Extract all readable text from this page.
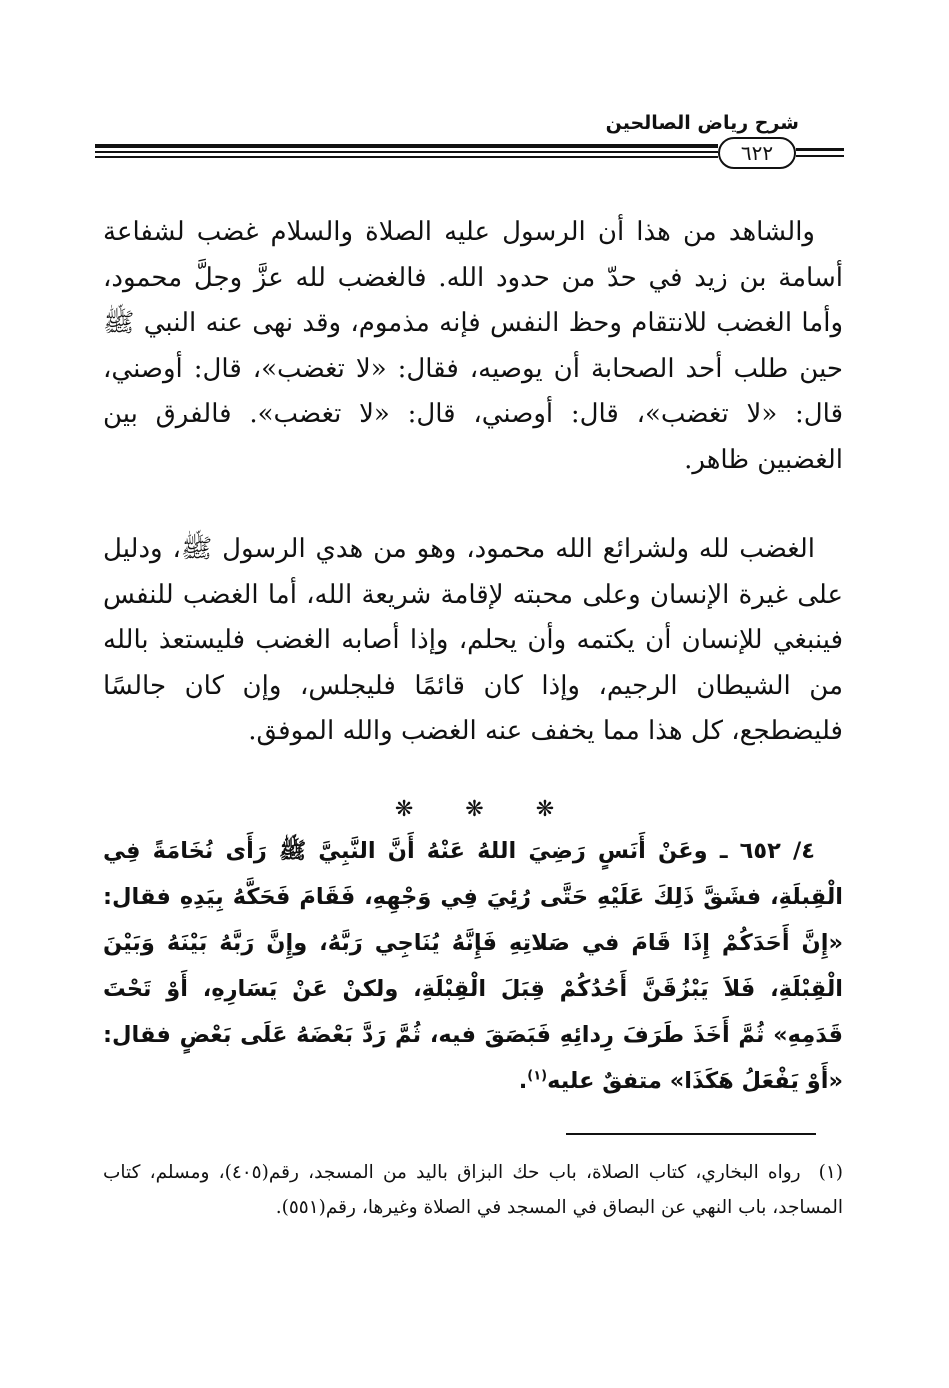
شرح رياض الصالحين
٦٢٢
والشاهد من هذا أن الرسول عليه الصلاة والسلام غضب لشفاعة أسامة بن زيد في حدّ من حدود الله. فالغضب لله عزَّ وجلَّ محمود، وأما الغضب للانتقام وحظ النفس فإنه مذموم، وقد نهى عنه النبي ﷺ حين طلب أحد الصحابة أن يوصيه، فقال: «لا تغضب»، قال: أوصني، قال: «لا تغضب»، قال: أوصني، قال: «لا تغضب». فالفرق بين الغضبين ظاهر.
الغضب لله ولشرائع الله محمود، وهو من هدي الرسول ﷺ، ودليل على غيرة الإنسان وعلى محبته لإقامة شريعة الله، أما الغضب للنفس فينبغي للإنسان أن يكتمه وأن يحلم، وإذا أصابه الغضب فليستعذ بالله من الشيطان الرجيم، وإذا كان قائمًا فليجلس، وإن كان جالسًا فليضطجع، كل هذا مما يخفف عنه الغضب والله الموفق.
❋ ❋ ❋
٤/ ٦٥٢ ـ وعَنْ أَنَسٍ رَضِيَ اللهُ عَنْهُ أَنَّ النَّبِيَّ ﷺ رَأَى نُخَامَةً فِي الْقِبلَةِ، فشَقَّ ذَلِكَ عَلَيْهِ حَتَّى رُئِيَ فِي وَجْهِهِ، فَقَامَ فَحَكَّهُ بِيَدِهِ فقال: «إِنَّ أَحَدَكُمْ إِذَا قَامَ في صَلاتِهِ فَإِنَّهُ يُنَاجِي رَبَّهُ، وإِنَّ رَبَّهُ بَيْنَهُ وَبَيْنَ الْقِبْلَةِ، فَلاَ يَبْزُقَنَّ أَحُدُكُمْ قِبَلَ الْقِبْلَةِ، ولكنْ عَنْ يَسَارِهِ، أَوْ تَحْتَ قَدَمِهِ» ثُمَّ أَخَذَ طَرَفَ رِدائِهِ فَبَصَقَ فيه، ثُمَّ رَدَّ بَعْضَهُ عَلَى بَعْضٍ فقال: «أَوْ يَفْعَلُ هَكَذَا» متفقٌ عليه$^{(١)}$.
(١)رواه البخاري، كتاب الصلاة، باب حك البزاق باليد من المسجد، رقم(٤٠٥)، ومسلم، كتاب المساجد، باب النهي عن البصاق في المسجد في الصلاة وغيرها، رقم(٥٥١).
